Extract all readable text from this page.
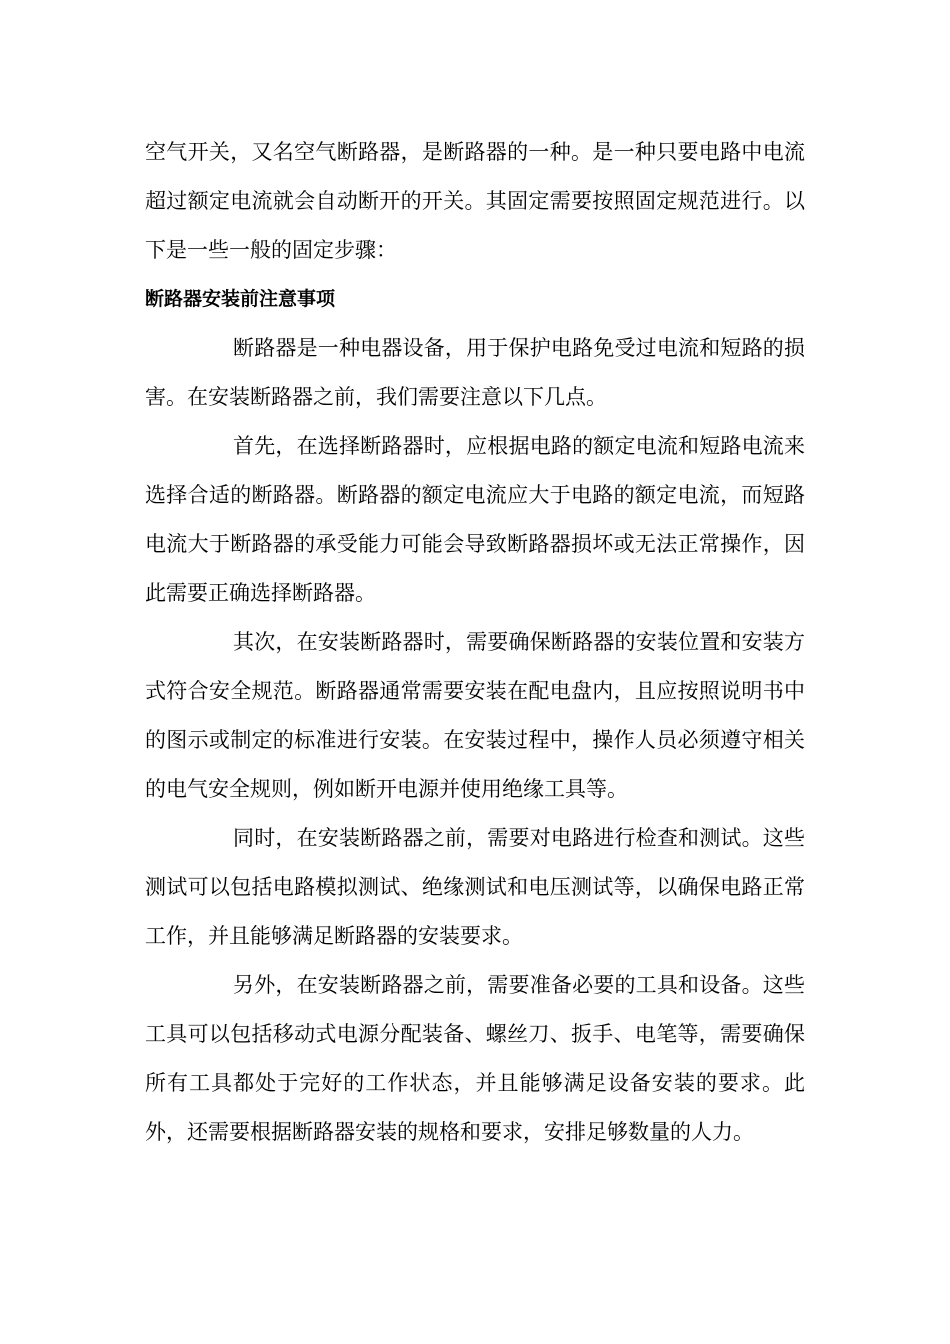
空气开关，又名空气断路器，是断路器的一种。是一种只要电路中电流超过额定电流就会自动断开的开关。其固定需要按照固定规范进行。以下是一些一般的固定步骤：

断路器安装前注意事项

断路器是一种电器设备，用于保护电路免受过电流和短路的损害。在安装断路器之前，我们需要注意以下几点。

首先，在选择断路器时，应根据电路的额定电流和短路电流来选择合适的断路器。断路器的额定电流应大于电路的额定电流，而短路电流大于断路器的承受能力可能会导致断路器损坏或无法正常操作，因此需要正确选择断路器。

其次，在安装断路器时，需要确保断路器的安装位置和安装方式符合安全规范。断路器通常需要安装在配电盘内，且应按照说明书中的图示或制定的标准进行安装。在安装过程中，操作人员必须遵守相关的电气安全规则，例如断开电源并使用绝缘工具等。

同时，在安装断路器之前，需要对电路进行检查和测试。这些测试可以包括电路模拟测试、绝缘测试和电压测试等，以确保电路正常工作，并且能够满足断路器的安装要求。

另外，在安装断路器之前，需要准备必要的工具和设备。这些工具可以包括移动式电源分配装备、螺丝刀、扳手、电笔等，需要确保所有工具都处于完好的工作状态，并且能够满足设备安装的要求。此外，还需要根据断路器安装的规格和要求，安排足够数量的人力。
